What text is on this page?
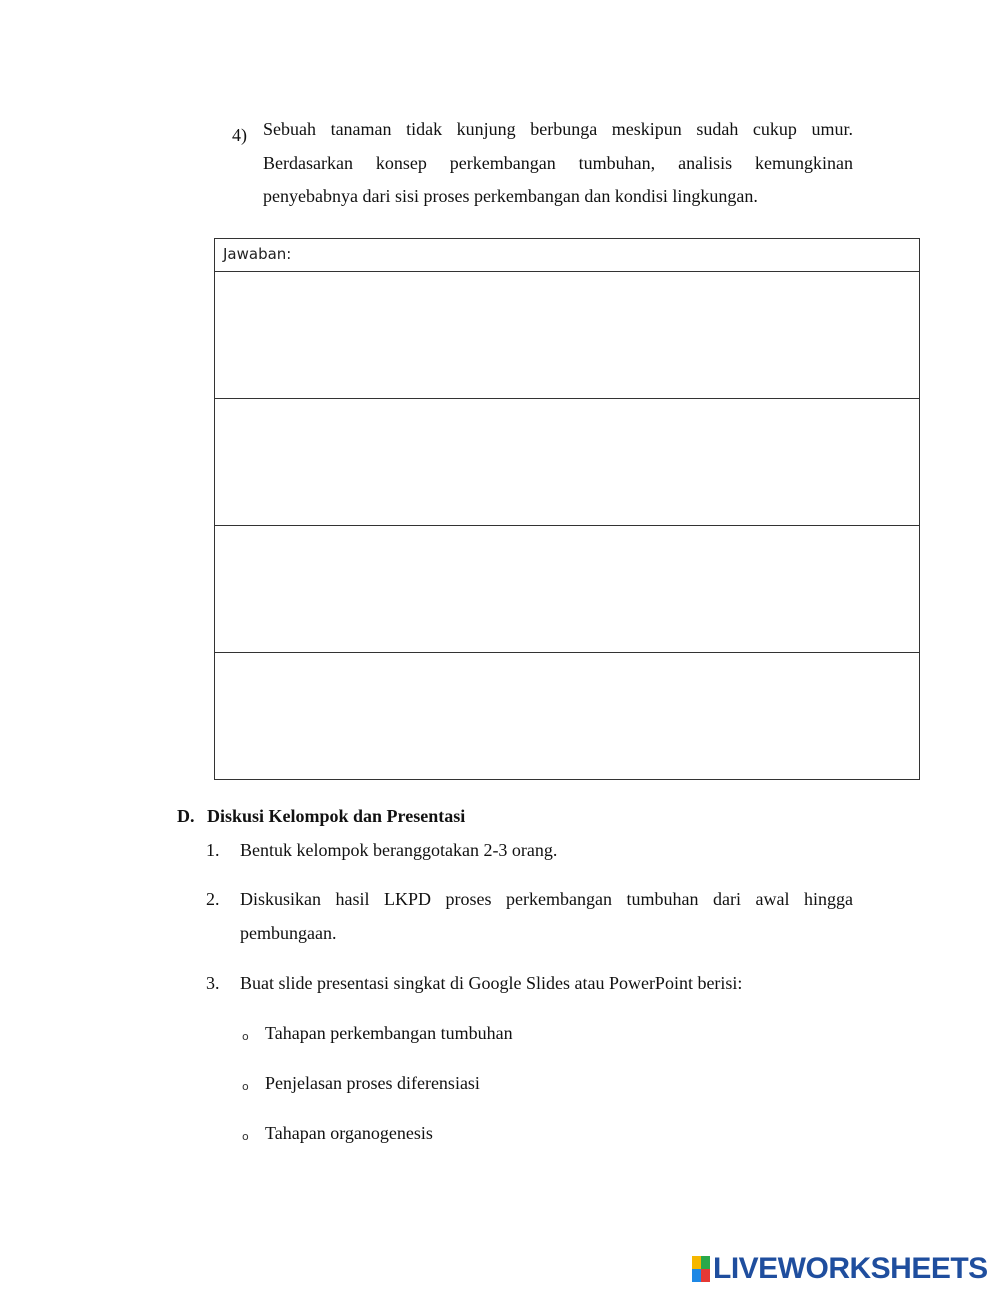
4) Sebuah tanaman tidak kunjung berbunga meskipun sudah cukup umur.
Berdasarkan konsep perkembangan tumbuhan, analisis kemungkinan
penyebabnya dari sisi proses perkembangan dan kondisi lingkungan.
Jawaban:
D. Diskusi Kelompok dan Presentasi
1. Bentuk kelompok beranggotakan 2-3 orang.
2. Diskusikan hasil LKPD proses perkembangan tumbuhan dari awal hingga
pembungaan.
3. Buat slide presentasi singkat di Google Slides atau PowerPoint berisi:
o Tahapan perkembangan tumbuhan
o Penjelasan proses diferensiasi
o Tahapan organogenesis
LIVEWORKSHEETS
